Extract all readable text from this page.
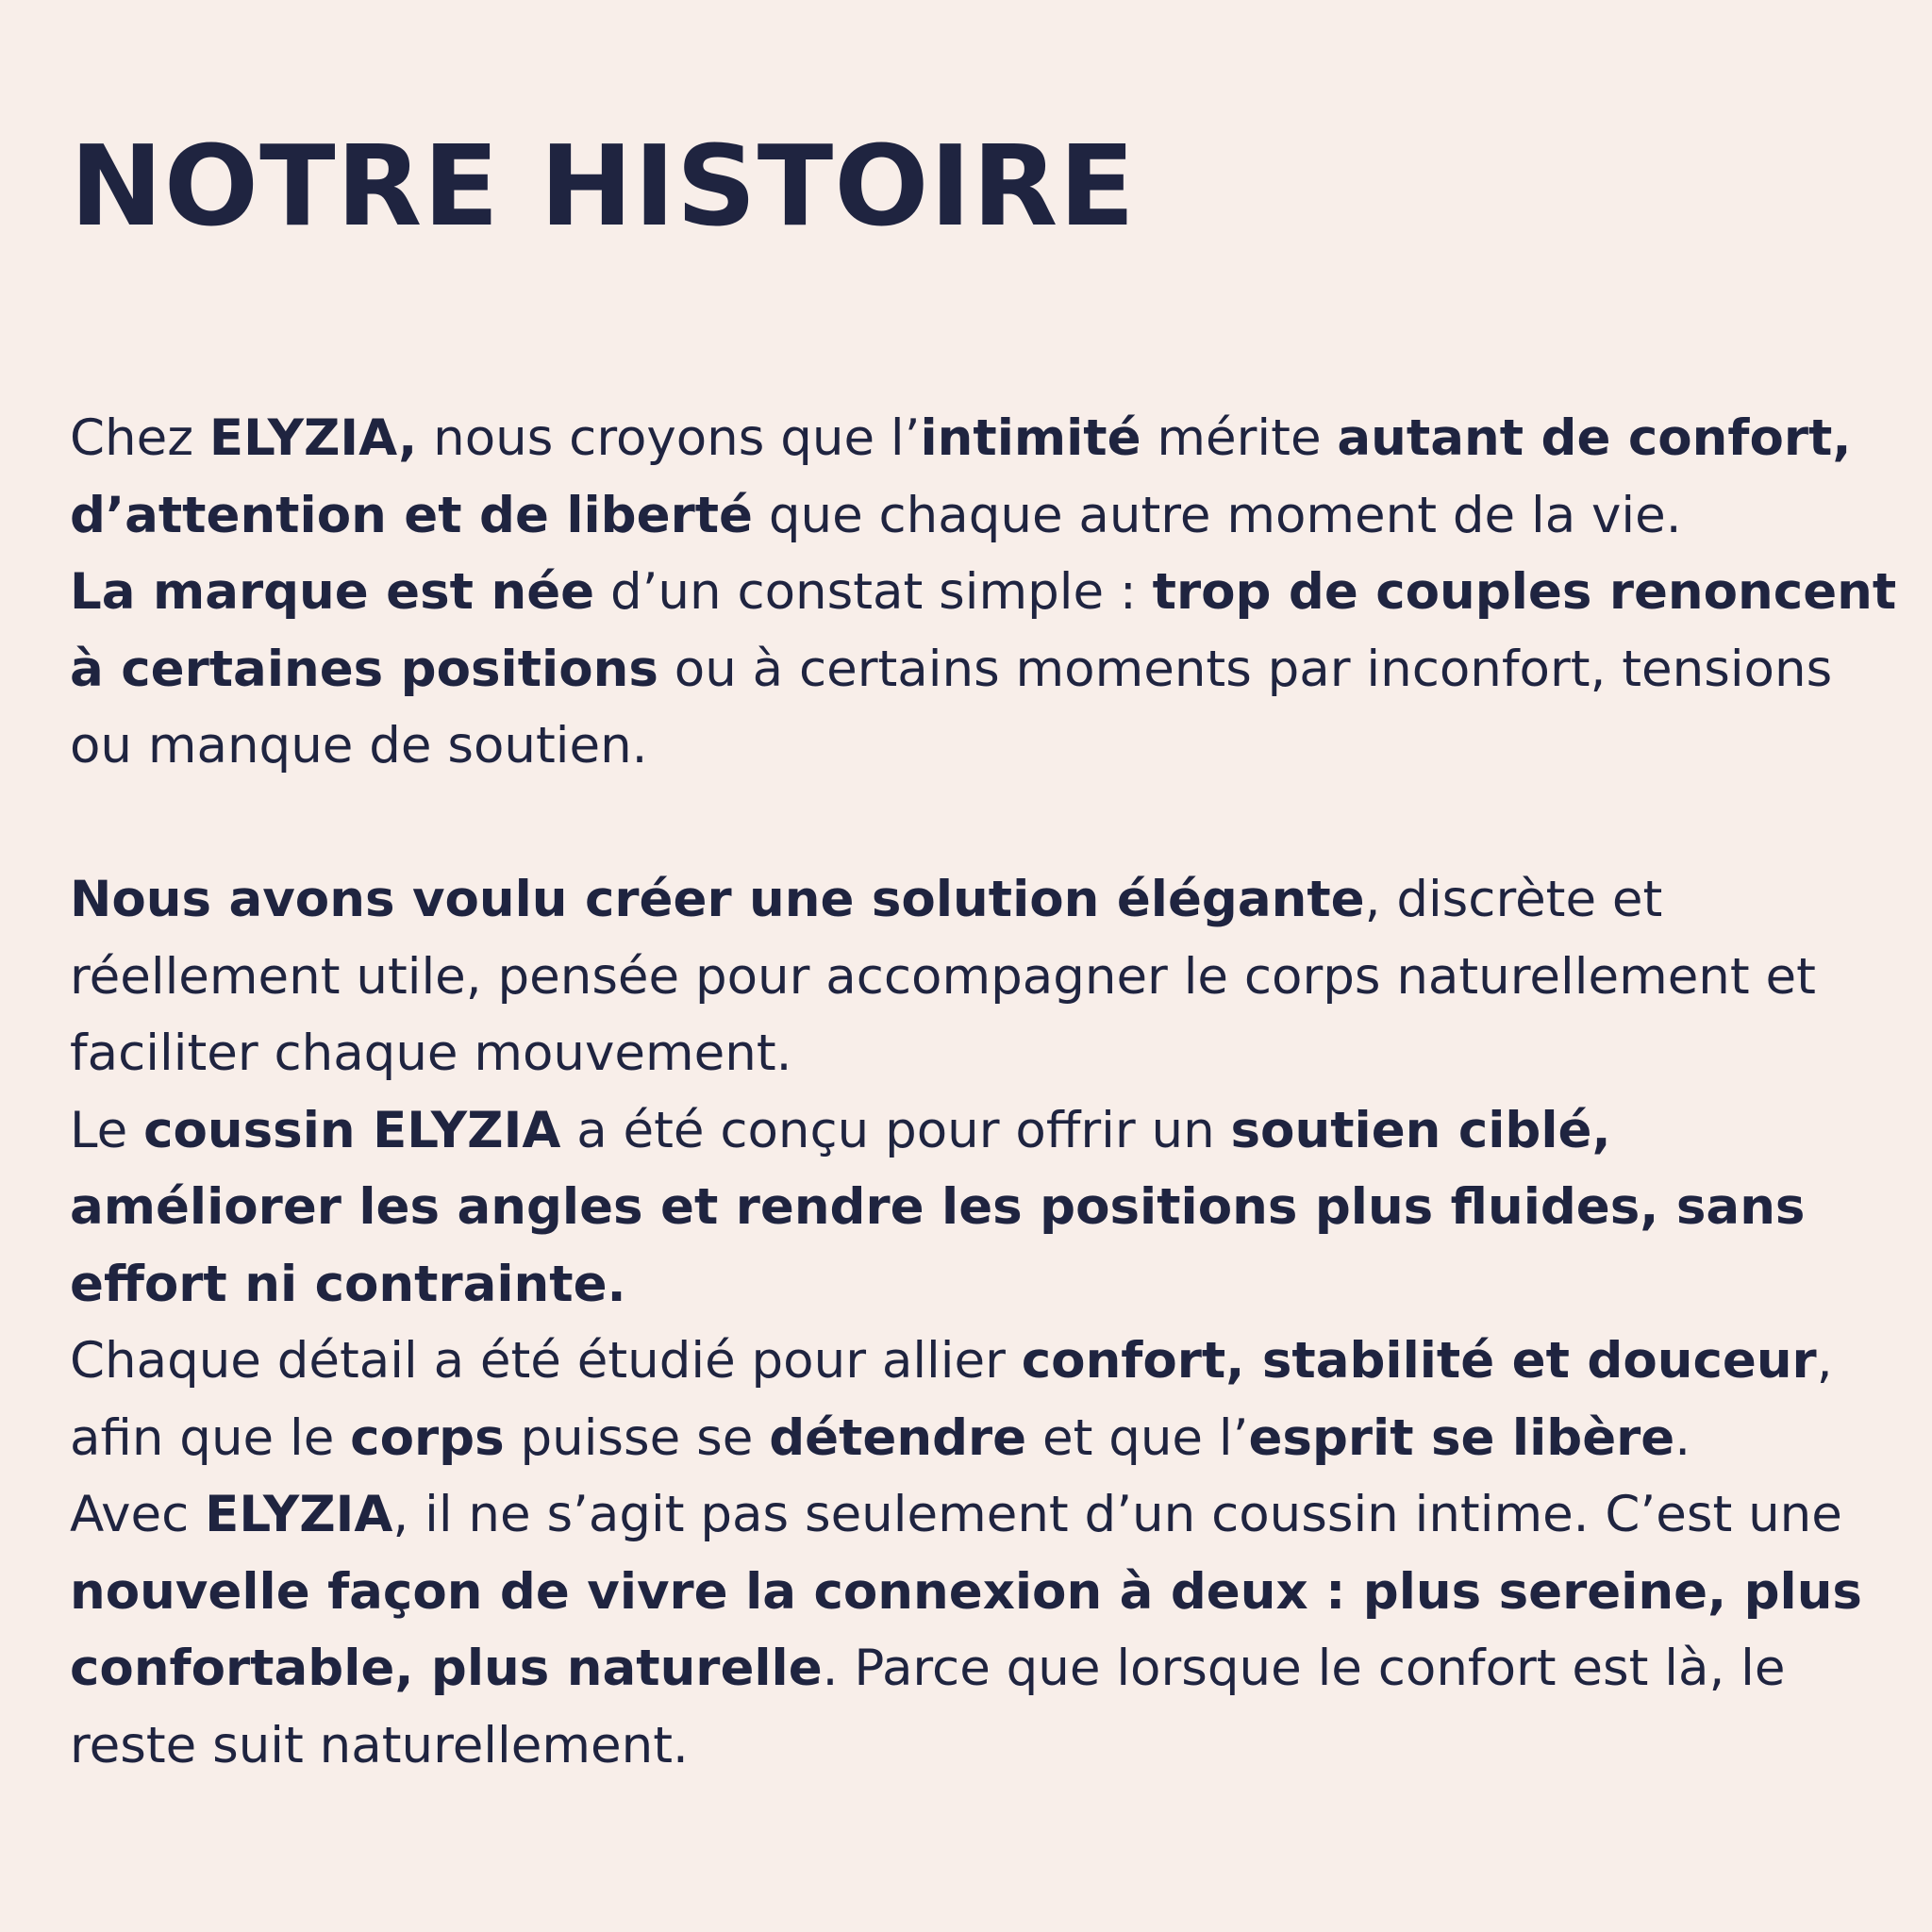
NOTRE HISTOIRE

Chez ELYZIA, nous croyons que l’intimité mérite autant de confort,
d’attention et de liberté que chaque autre moment de la vie.
La marque est née d’un constat simple : trop de couples renoncent
à certaines positions ou à certains moments par inconfort, tensions
ou manque de soutien.

Nous avons voulu créer une solution élégante, discrète et
réellement utile, pensée pour accompagner le corps naturellement et
faciliter chaque mouvement.
Le coussin ELYZIA a été conçu pour offrir un soutien ciblé,
améliorer les angles et rendre les positions plus fluides, sans
effort ni contrainte.
Chaque détail a été étudié pour allier confort, stabilité et douceur,
afin que le corps puisse se détendre et que l’esprit se libère.
Avec ELYZIA, il ne s’agit pas seulement d’un coussin intime. C’est une
nouvelle façon de vivre la connexion à deux : plus sereine, plus
confortable, plus naturelle. Parce que lorsque le confort est là, le
reste suit naturellement.
